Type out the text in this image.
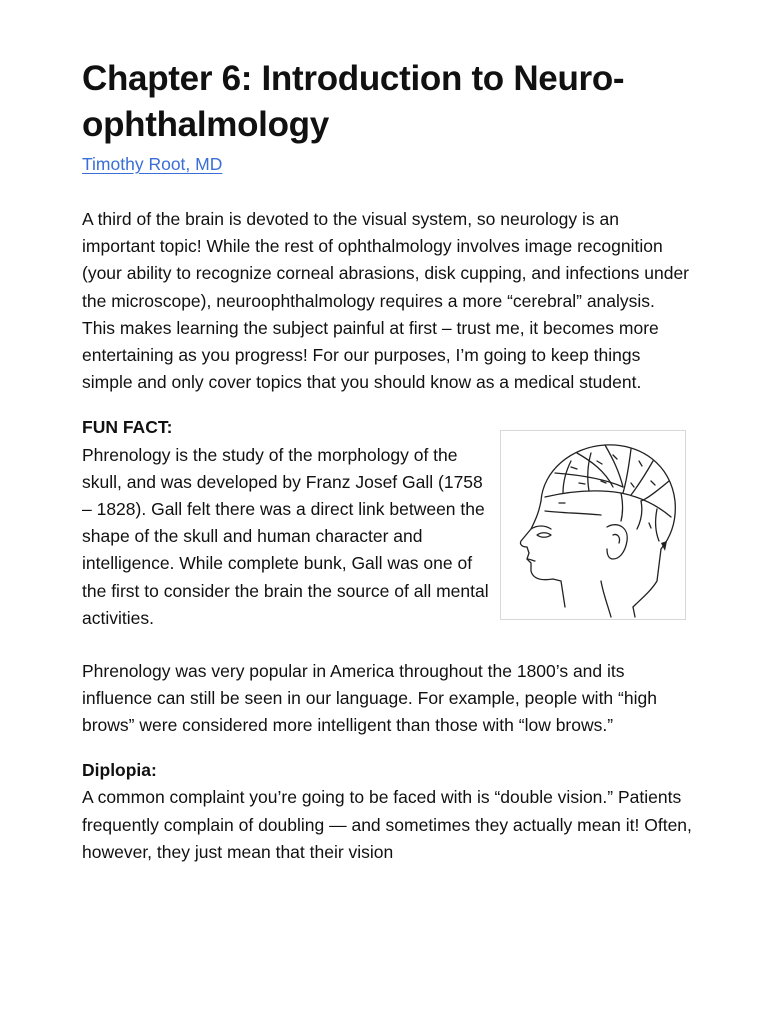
Chapter 6: Introduction to Neuro-ophthalmology
Timothy Root, MD

A third of the brain is devoted to the visual system, so neurology is an important topic! While the rest of ophthalmology involves image recognition (your ability to recognize corneal abrasions, disk cupping, and infections under the microscope), neuroophthalmology requires a more “cerebral” analysis. This makes learning the subject painful at first – trust me, it becomes more entertaining as you progress! For our purposes, I’m going to keep things simple and only cover topics that you should know as a medical student.

FUN FACT:

Phrenology is the study of the morphology of the skull, and was developed by Franz Josef Gall (1758 – 1828). Gall felt there was a direct link between the shape of the skull and human character and intelligence. While complete bunk, Gall was one of the first to consider the brain the source of all mental activities.

Phrenology was very popular in America throughout the 1800’s and its influence can still be seen in our language. For example, people with “high brows” were considered more intelligent than those with “low brows.”

Diplopia:

A common complaint you’re going to be faced with is “double vision.” Patients frequently complain of doubling — and sometimes they actually mean it! Often, however, they just mean that their vision
